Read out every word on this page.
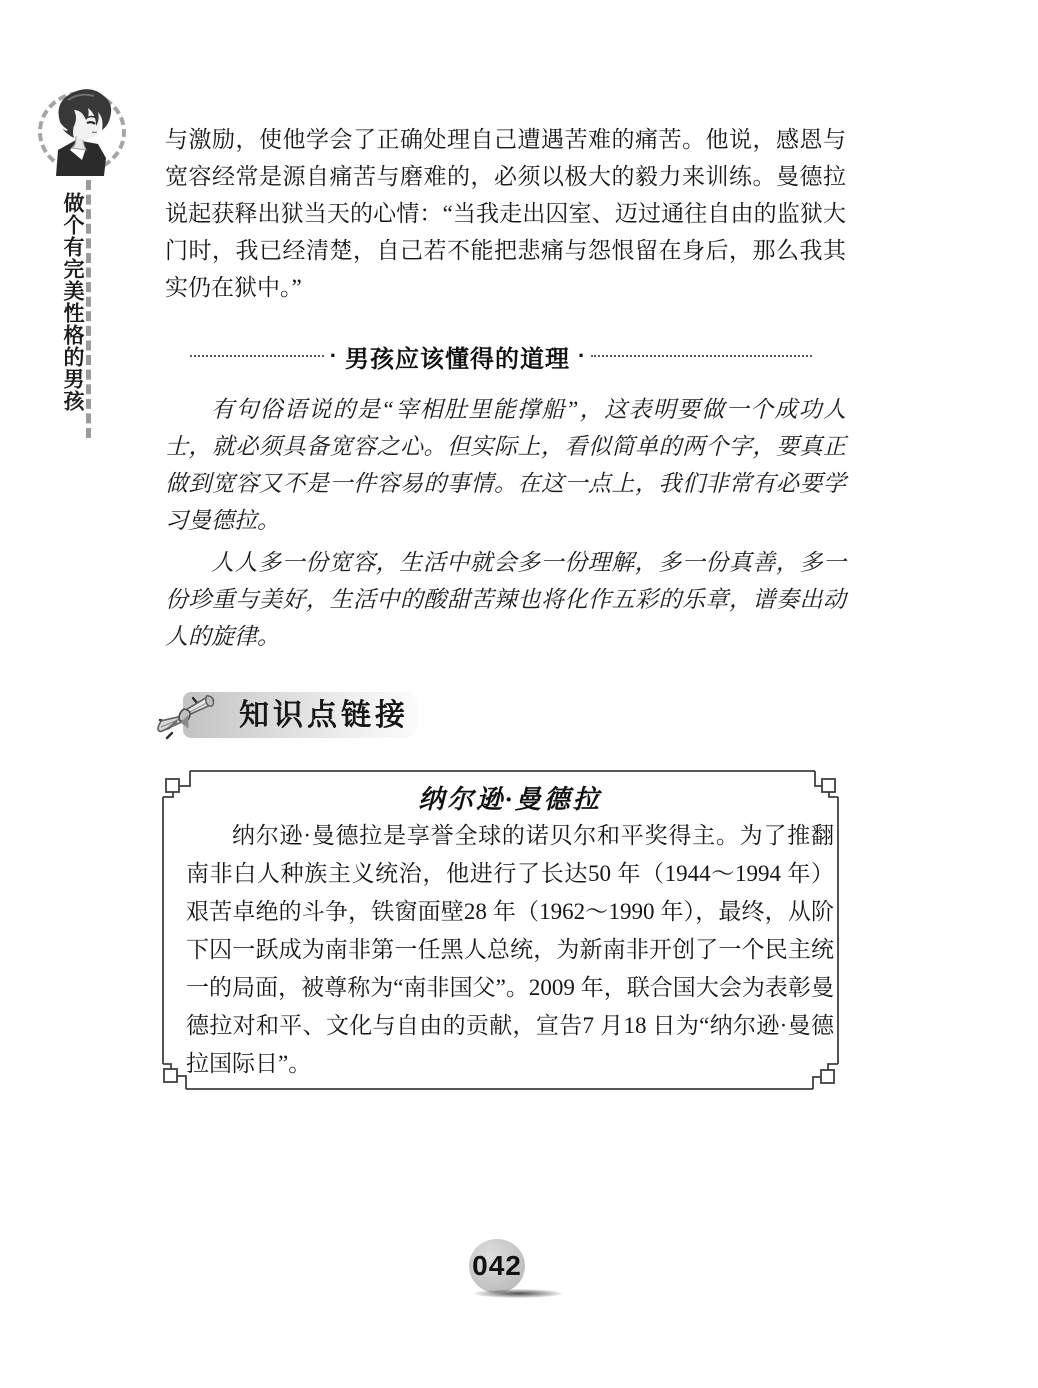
做个有完美性格的男孩

与激励，使他学会了正确处理自己遭遇苦难的痛苦。他说，感恩与宽容经常是源自痛苦与磨难的，必须以极大的毅力来训练。曼德拉说起获释出狱当天的心情：“当我走出囚室、迈过通往自由的监狱大门时，我已经清楚，自己若不能把悲痛与怨恨留在身后，那么我其实仍在狱中。”

· 男孩应该懂得的道理 ·

有句俗语说的是“宰相肚里能撑船”，这表明要做一个成功人士，就必须具备宽容之心。但实际上，看似简单的两个字，要真正做到宽容又不是一件容易的事情。在这一点上，我们非常有必要学习曼德拉。

人人多一份宽容，生活中就会多一份理解，多一份真善，多一份珍重与美好，生活中的酸甜苦辣也将化作五彩的乐章，谱奏出动人的旋律。

知识点链接
纳尔逊·曼德拉
纳尔逊·曼德拉是享誉全球的诺贝尔和平奖得主。为了推翻南非白人种族主义统治，他进行了长达50 年（1944～1994 年）艰苦卓绝的斗争，铁窗面壁28 年（1962～1990 年），最终，从阶下囚一跃成为南非第一任黑人总统，为新南非开创了一个民主统一的局面，被尊称为“南非国父”。2009 年，联合国大会为表彰曼德拉对和平、文化与自由的贡献，宣告7 月18 日为“纳尔逊·曼德拉国际日”。
042
